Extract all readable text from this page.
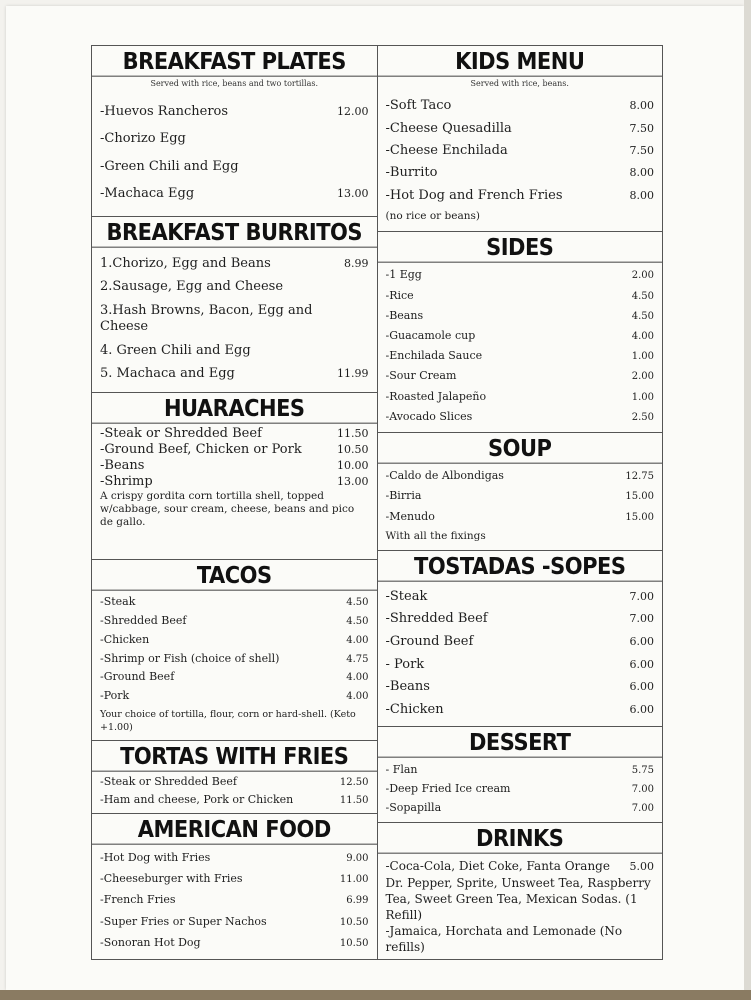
BREAKFAST PLATES
Served with rice, beans and two tortillas.
-Huevos Rancheros	12.00
-Chorizo Egg
-Green Chili and Egg
-Machaca Egg	13.00
BREAKFAST BURRITOS
1.Chorizo, Egg and Beans	8.99
2.Sausage, Egg and Cheese
3.Hash Browns, Bacon, Egg and Cheese
4. Green Chili and Egg
5. Machaca and Egg	11.99
HUARACHES
-Steak or Shredded Beef	11.50
-Ground Beef, Chicken or Pork	10.50
-Beans	10.00
-Shrimp	13.00
A crispy gordita corn tortilla shell, topped w/cabbage, sour cream, cheese, beans and pico de gallo.
TACOS
-Steak	4.50
-Shredded Beef	4.50
-Chicken	4.00
-Shrimp or Fish (choice of shell)	4.75
-Ground Beef	4.00
-Pork	4.00
Your choice of tortilla, flour, corn or hard-shell. (Keto +1.00)
TORTAS WITH FRIES
-Steak or Shredded Beef	12.50
-Ham and cheese, Pork or Chicken	11.50
AMERICAN FOOD
-Hot Dog with Fries	9.00
-Cheeseburger with Fries	11.00
-French Fries	6.99
-Super Fries or Super Nachos	10.50
-Sonoran Hot Dog	10.50
KIDS MENU
Served with rice, beans.
-Soft Taco	8.00
-Cheese Quesadilla	7.50
-Cheese Enchilada	7.50
-Burrito	8.00
-Hot Dog and French Fries	8.00
(no rice or beans)
SIDES
-1 Egg	2.00
-Rice	4.50
-Beans	4.50
-Guacamole cup	4.00
-Enchilada Sauce	1.00
-Sour Cream	2.00
-Roasted Jalapeño	1.00
-Avocado Slices	2.50
SOUP
-Caldo de Albondigas	12.75
-Birria	15.00
-Menudo	15.00
With all the fixings
TOSTADAS -SOPES
-Steak	7.00
-Shredded Beef	7.00
-Ground Beef	6.00
- Pork	6.00
-Beans	6.00
-Chicken	6.00
DESSERT
- Flan	5.75
-Deep Fried Ice cream	7.00
-Sopapilla	7.00
DRINKS
-Coca-Cola, Diet Coke, Fanta Orange 5.00
Dr. Pepper, Sprite, Unsweet Tea, Raspberry Tea, Sweet Green Tea, Mexican Sodas. (1 Refill)
-Jamaica, Horchata and Lemonade (No refills)
